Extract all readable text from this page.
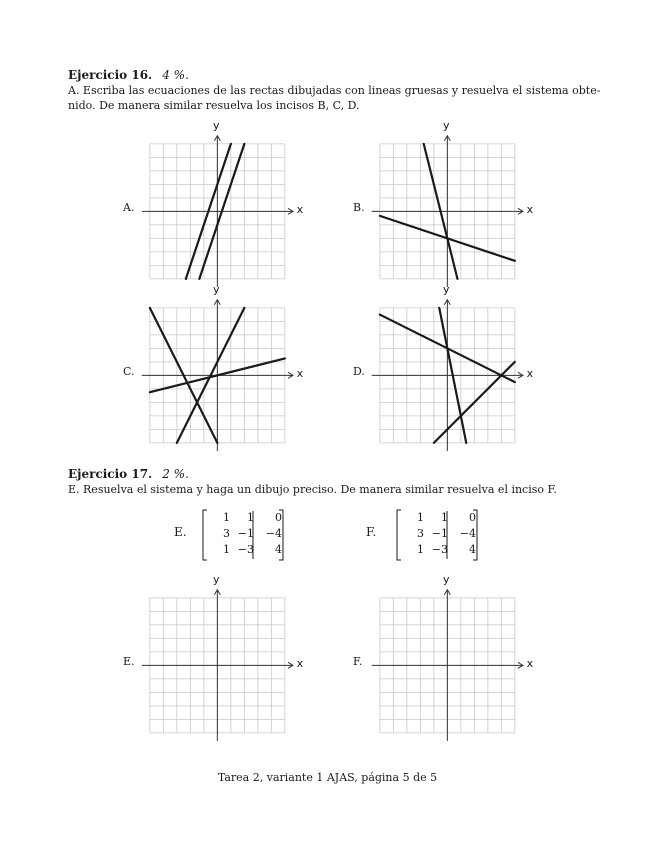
Ejercicio 16. 4 %.
A. Escriba las ecuaciones de las rectas dibujadas con lineas gruesas y resuelva el sistema obte-
nido. De manera similar resuelva los incisos B, C, D.
Ejercicio 17. 2 %.
E. Resuelva el sistema y haga un dibujo preciso. De manera similar resuelva el inciso F.
x
y
A.	x
y
B.
x
y
C.	x
y
D.
x
y
E.	x
y
F.
E.
1	1	0
3 −1	−4
1 −3	4
F.
1	1	0
3 −1	−4
1 −3	4
Tarea 2, variante 1 AJAS, página 5 de 5
